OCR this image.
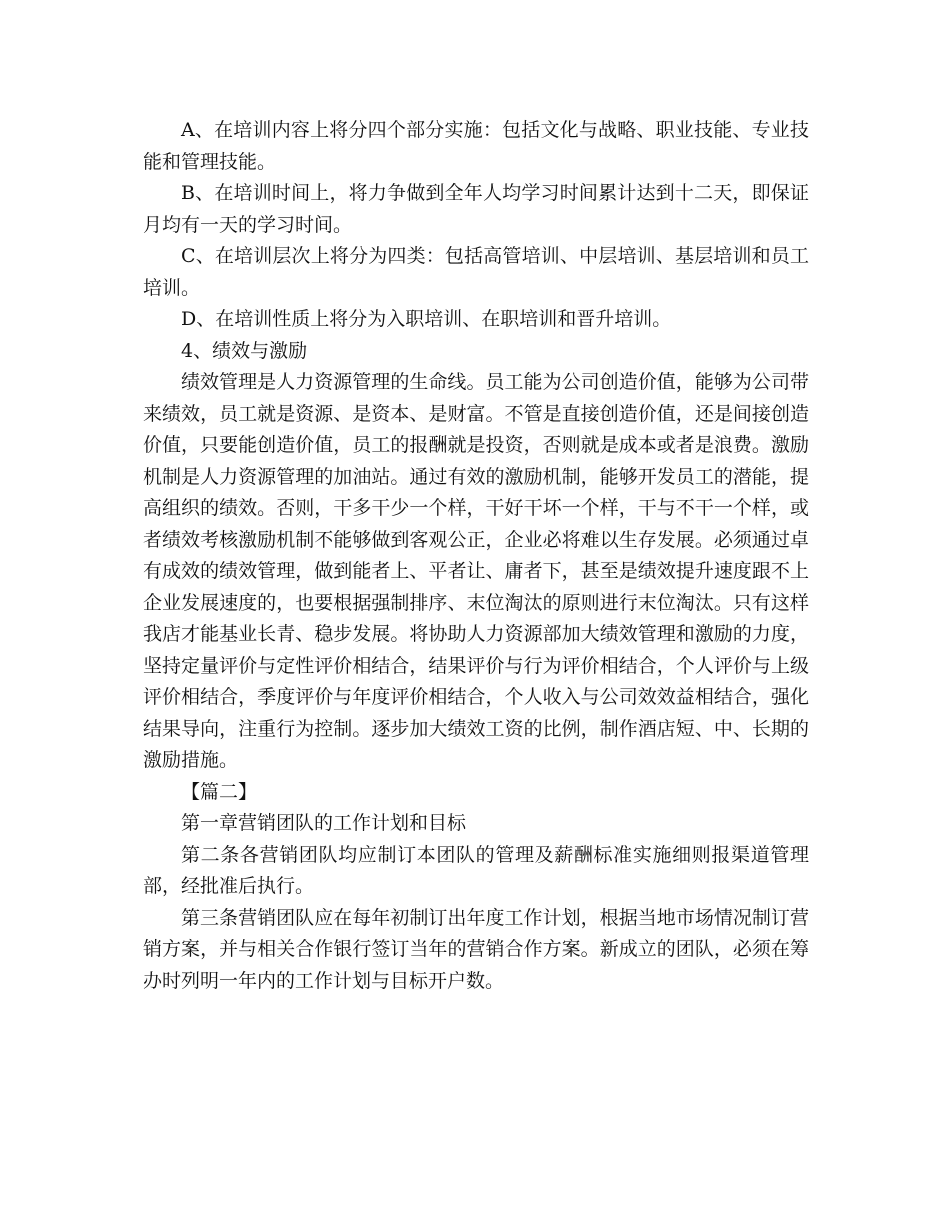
A、在培训内容上将分四个部分实施：包括文化与战略、职业技能、专业技能和管理技能。

B、在培训时间上，将力争做到全年人均学习时间累计达到十二天，即保证月均有一天的学习时间。

C、在培训层次上将分为四类：包括高管培训、中层培训、基层培训和员工培训。

D、在培训性质上将分为入职培训、在职培训和晋升培训。

4、绩效与激励

绩效管理是人力资源管理的生命线。员工能为公司创造价值，能够为公司带来绩效，员工就是资源、是资本、是财富。不管是直接创造价值，还是间接创造价值，只要能创造价值，员工的报酬就是投资，否则就是成本或者是浪费。激励机制是人力资源管理的加油站。通过有效的激励机制，能够开发员工的潜能，提高组织的绩效。否则，干多干少一个样，干好干坏一个样，干与不干一个样，或者绩效考核激励机制不能够做到客观公正，企业必将难以生存发展。必须通过卓有成效的绩效管理，做到能者上、平者让、庸者下，甚至是绩效提升速度跟不上企业发展速度的，也要根据强制排序、末位淘汰的原则进行末位淘汰。只有这样我店才能基业长青、稳步发展。将协助人力资源部加大绩效管理和激励的力度，坚持定量评价与定性评价相结合，结果评价与行为评价相结合，个人评价与上级评价相结合，季度评价与年度评价相结合，个人收入与公司效效益相结合，强化结果导向，注重行为控制。逐步加大绩效工资的比例，制作酒店短、中、长期的激励措施。

【篇二】

第一章营销团队的工作计划和目标

第二条各营销团队均应制订本团队的管理及薪酬标准实施细则报渠道管理部，经批准后执行。

第三条营销团队应在每年初制订出年度工作计划，根据当地市场情况制订营销方案，并与相关合作银行签订当年的营销合作方案。新成立的团队，必须在筹办时列明一年内的工作计划与目标开户数。
